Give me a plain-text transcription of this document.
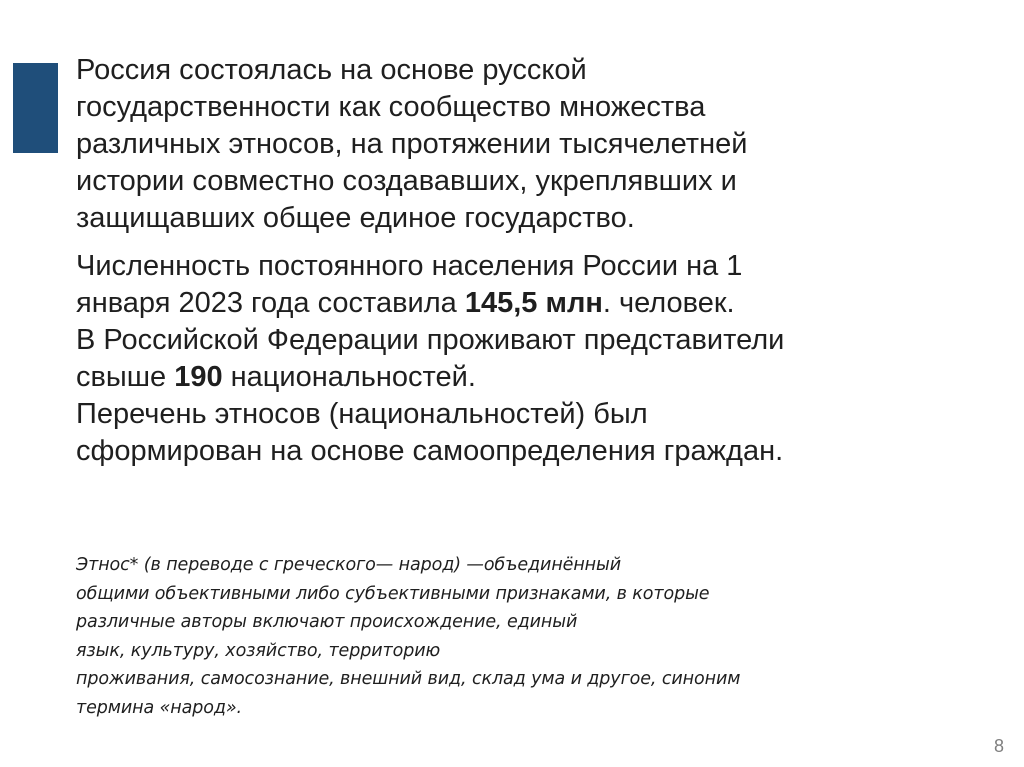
Россия состоялась на основе русской
государственности как сообщество множества
различных этносов, на протяжении тысячелетней
истории совместно создававших, укреплявших и
защищавших общее единое государство.

Численность постоянного населения России на 1
января 2023 года составила 145,5 млн. человек.
В Российской Федерации проживают представители
свыше 190 национальностей.
Перечень этносов (национальностей) был
сформирован на основе самоопределения граждан.

Этнос* (в переводе с греческого— народ) —объединённый
общими объективными либо субъективными признаками, в которые
различные авторы включают происхождение, единый
язык, культуру, хозяйство, территорию
проживания, самосознание, внешний вид, склад ума и другое, синоним
термина «народ».
8
